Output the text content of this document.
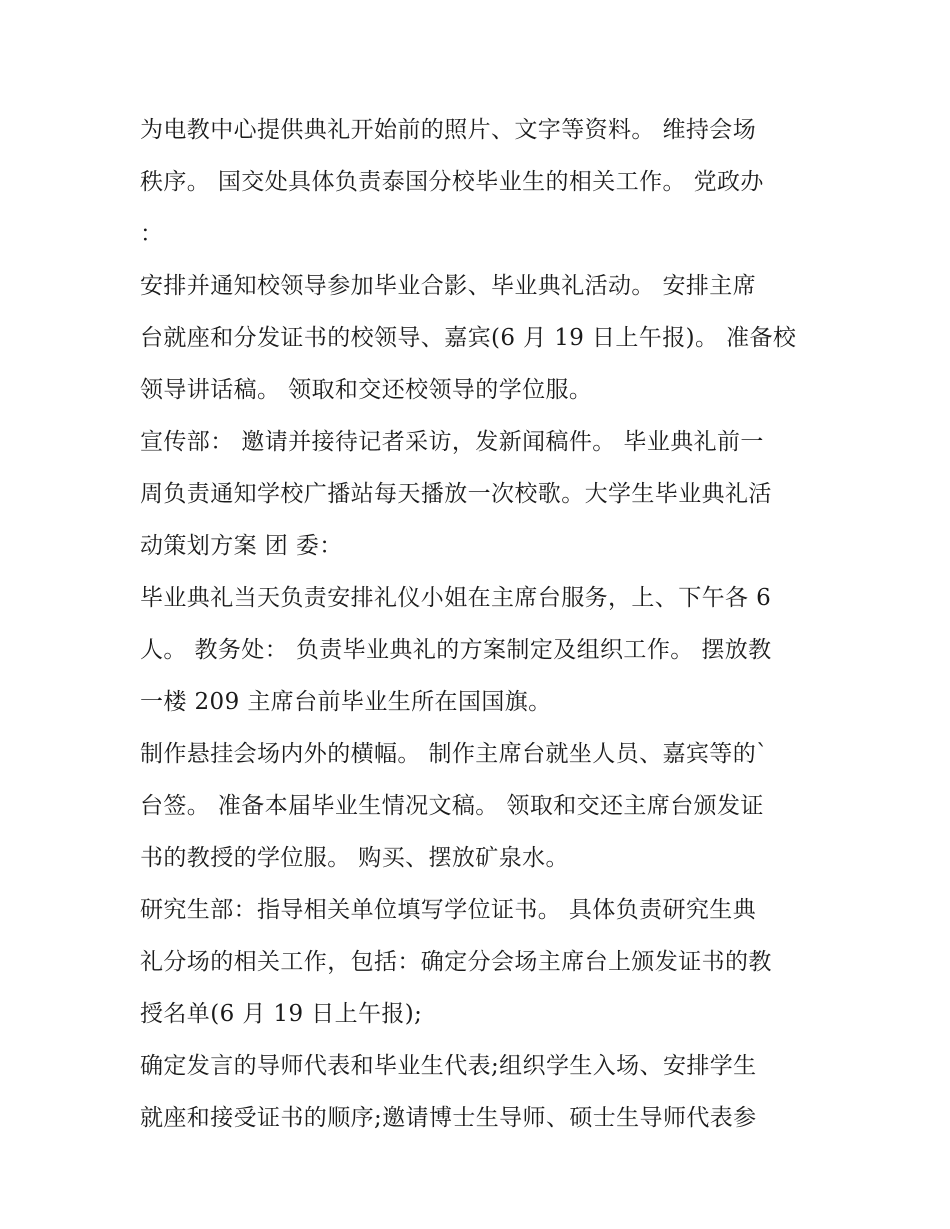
为电教中心提供典礼开始前的照片、文字等资料。 维持会场
秩序。 国交处具体负责泰国分校毕业生的相关工作。 党政办
：
安排并通知校领导参加毕业合影、毕业典礼活动。 安排主席
台就座和分发证书的校领导、嘉宾(6 月 19 日上午报)。 准备校
领导讲话稿。 领取和交还校领导的学位服。
宣传部： 邀请并接待记者采访，发新闻稿件。 毕业典礼前一
周负责通知学校广播站每天播放一次校歌。大学生毕业典礼活
动策划方案 团 委：
毕业典礼当天负责安排礼仪小姐在主席台服务，上、下午各 6
人。 教务处： 负责毕业典礼的方案制定及组织工作。 摆放教
一楼 209 主席台前毕业生所在国国旗。
制作悬挂会场内外的横幅。 制作主席台就坐人员、嘉宾等的`
台签。 准备本届毕业生情况文稿。 领取和交还主席台颁发证
书的教授的学位服。 购买、摆放矿泉水。
研究生部：指导相关单位填写学位证书。 具体负责研究生典
礼分场的相关工作，包括：确定分会场主席台上颁发证书的教
授名单(6 月 19 日上午报);
确定发言的导师代表和毕业生代表;组织学生入场、安排学生
就座和接受证书的顺序;邀请博士生导师、硕士生导师代表参
